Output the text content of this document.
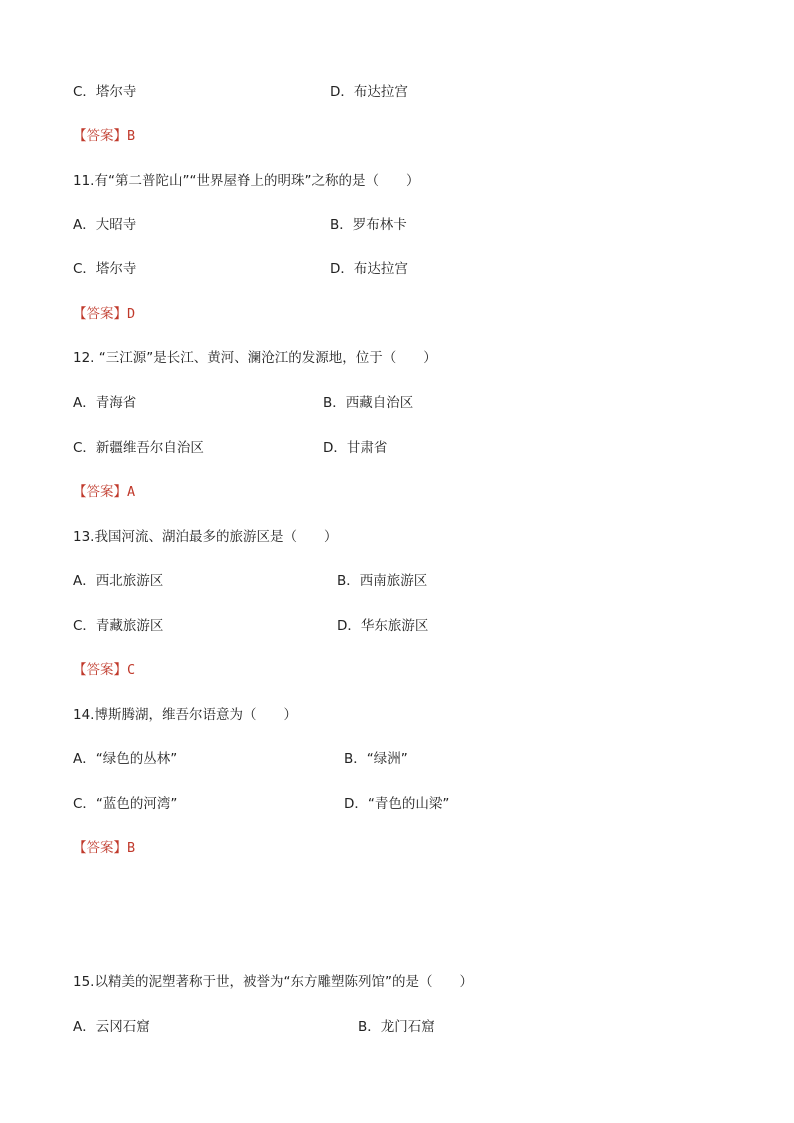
C．塔尔寺	D．布达拉宫
【答案】B
11.有“第二普陀山”“世界屋脊上的明珠”之称的是（　　）
A．大昭寺	B．罗布林卡
C．塔尔寺	D．布达拉宫
【答案】D
12. “三江源”是长江、黄河、澜沧江的发源地，位于（　　）
A．青海省	B．西藏自治区
C．新疆维吾尔自治区	D．甘肃省
【答案】A
13.我国河流、湖泊最多的旅游区是（　　）
A．西北旅游区	B．西南旅游区
C．青藏旅游区	D．华东旅游区
【答案】C
14.博斯腾湖，维吾尔语意为（　　）
A．“绿色的丛林”	B．“绿洲”
C．“蓝色的河湾”	D．“青色的山梁”
【答案】B
15.以精美的泥塑著称于世，被誉为“东方雕塑陈列馆”的是（　　）
A．云冈石窟	B．龙门石窟
